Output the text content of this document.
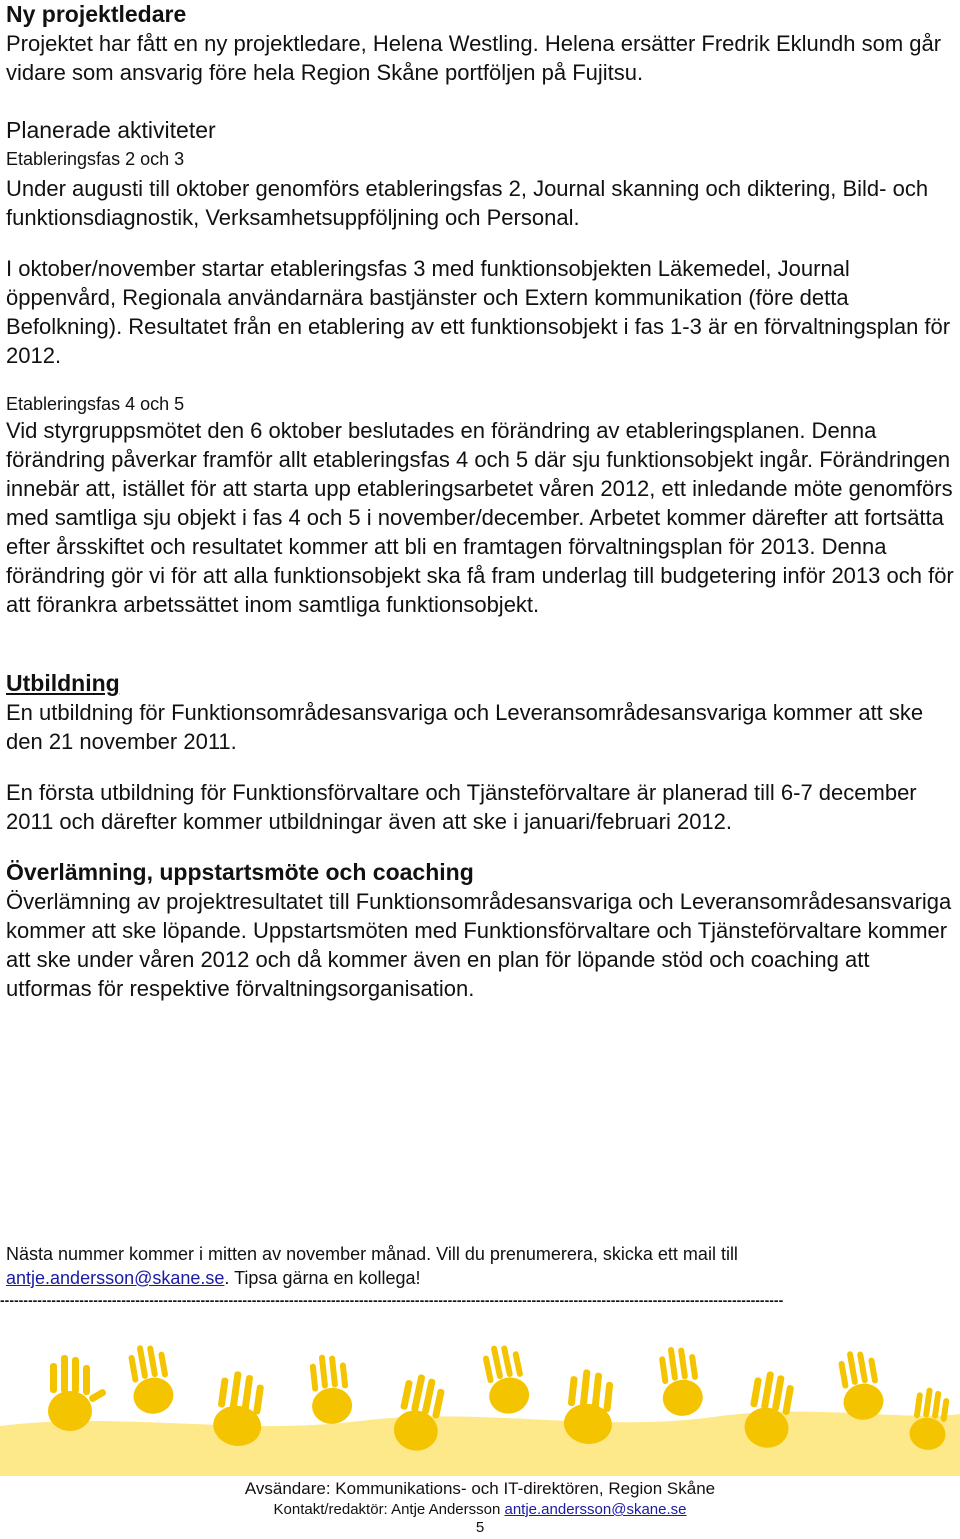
Ny projektledare

Projektet har fått en ny projektledare, Helena Westling. Helena ersätter Fredrik Eklundh som går vidare som ansvarig före hela Region Skåne portföljen på Fujitsu.

Planerade aktiviteter
Etableringsfas 2 och 3

Under augusti till oktober genomförs etableringsfas 2, Journal skanning och diktering, Bild- och funktionsdiagnostik, Verksamhetsuppföljning och Personal.

I oktober/november startar etableringsfas 3 med funktionsobjekten Läkemedel, Journal öppenvård, Regionala användarnära bastjänster och Extern kommunikation (före detta Befolkning). Resultatet från en etablering av ett funktionsobjekt i fas 1-3 är en förvaltningsplan för 2012.

Etableringsfas 4 och 5

Vid styrgruppsmötet den 6 oktober beslutades en förändring av etableringsplanen. Denna förändring påverkar framför allt etableringsfas 4 och 5 där sju funktionsobjekt ingår. Förändringen innebär att, istället för att starta upp etableringsarbetet våren 2012, ett inledande möte genomförs med samtliga sju objekt i fas 4 och 5 i november/december. Arbetet kommer därefter att fortsätta efter årsskiftet och resultatet kommer att bli en framtagen förvaltningsplan för 2013. Denna förändring gör vi för att alla funktionsobjekt ska få fram underlag till budgetering inför 2013 och för att förankra arbetssättet inom samtliga funktionsobjekt.

Utbildning

En utbildning för Funktionsområdesansvariga och Leveransområdesansvariga kommer att ske den 21 november 2011.

En första utbildning för Funktionsförvaltare och Tjänsteförvaltare är planerad till 6-7 december 2011 och därefter kommer utbildningar även att ske i januari/februari 2012.

Överlämning, uppstartsmöte och coaching

Överlämning av projektresultatet till Funktionsområdesansvariga och Leveransområdesansvariga kommer att ske löpande. Uppstartsmöten med Funktionsförvaltare och Tjänsteförvaltare kommer att ske under våren 2012 och då kommer även en plan för löpande stöd och coaching att utformas för respektive förvaltningsorganisation.

Nästa nummer kommer i mitten av november månad. Vill du prenumerera, skicka ett mail till
antje.andersson@skane.se. Tipsa gärna en kollega!
------------------------------------------------------------------------------------------------------------------------------------------------------------------------
Avsändare: Kommunikations- och IT-direktören, Region Skåne
Kontakt/redaktör: Antje Andersson antje.andersson@skane.se
5
